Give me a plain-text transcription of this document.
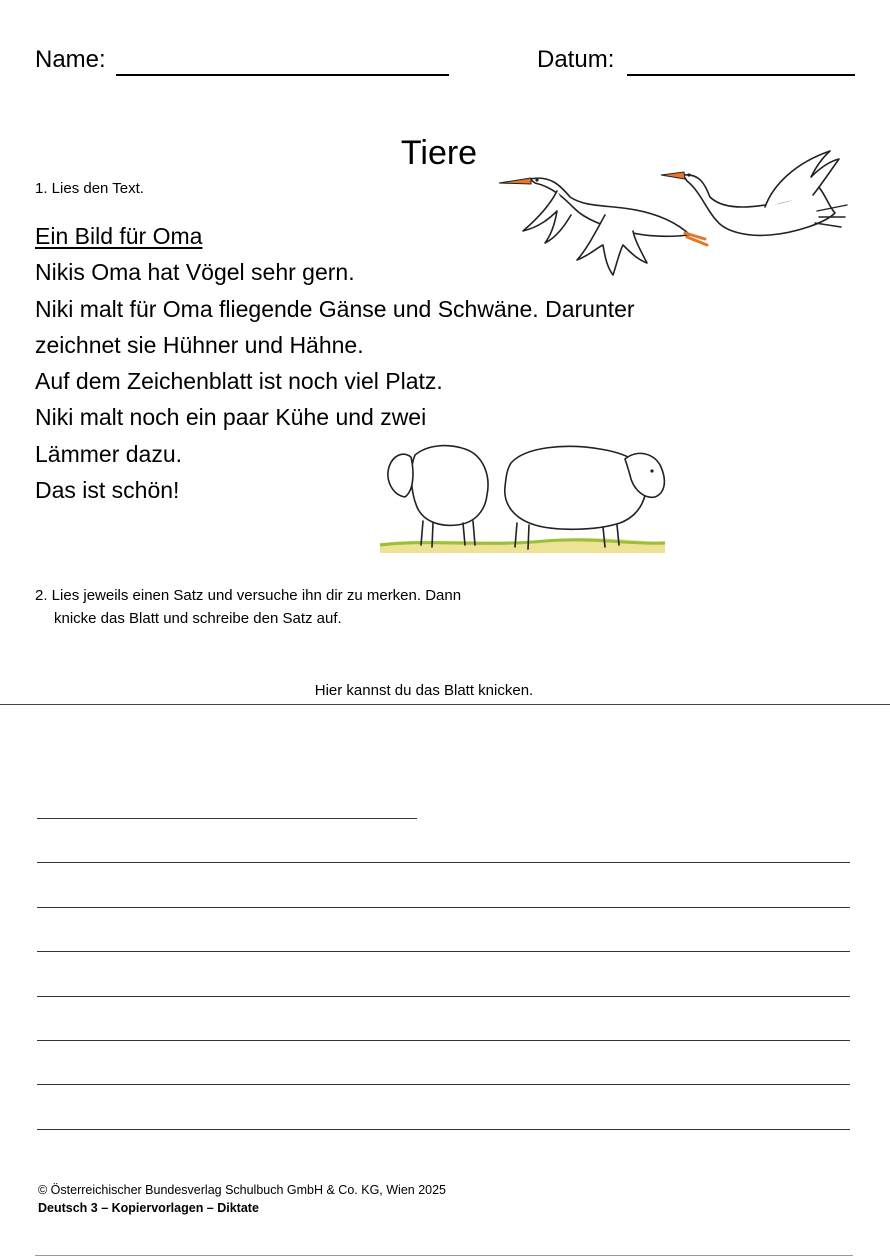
Name:	Datum:
Tiere
1. Lies den Text.
Ein Bild für Oma
Nikis Oma hat Vögel sehr gern.
Niki malt für Oma fliegende Gänse und Schwäne. Darunter
zeichnet sie Hühner und Hähne.
Auf dem Zeichenblatt ist noch viel Platz.
Niki malt noch ein paar Kühe und zwei
Lämmer dazu.
Das ist schön!
2. Lies jeweils einen Satz und versuche ihn dir zu merken. Dann
knicke das Blatt und schreibe den Satz auf.
Hier kannst du das Blatt knicken.
© Österreichischer Bundesverlag Schulbuch GmbH & Co. KG, Wien 2025
Deutsch 3 – Kopiervorlagen – Diktate
